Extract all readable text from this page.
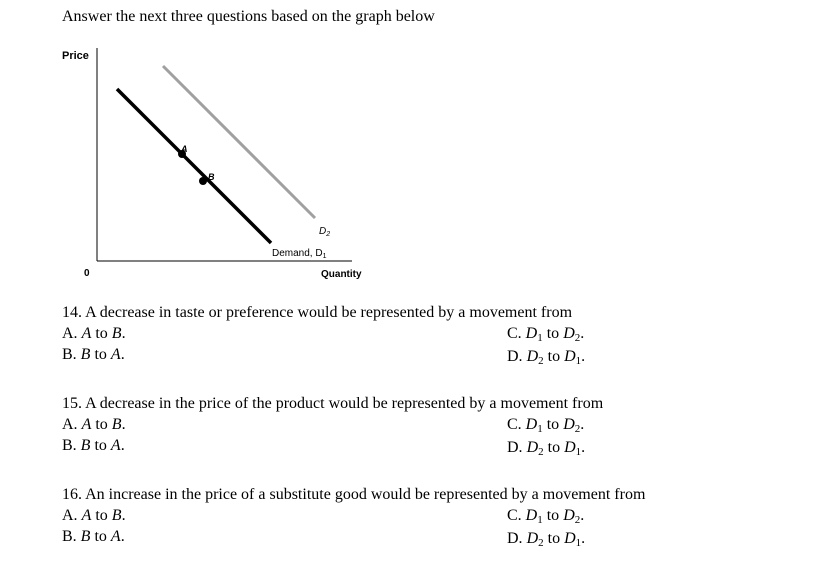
Answer the next three questions based on the graph below
Price
0	Quantity
A
B
$D_2$
Demand, $D_1$
14. A decrease in taste or preference would be represented by a movement from
A. A to B.
B. B to A.
C. $D_1$ to $D_2$.
D. $D_2$ to $D_1$.
15. A decrease in the price of the product would be represented by a movement from
A. A to B.
B. B to A.
C. $D_1$ to $D_2$.
D. $D_2$ to $D_1$.
16. An increase in the price of a substitute good would be represented by a movement from
A. A to B.
B. B to A.
C. $D_1$ to $D_2$.
D. $D_2$ to $D_1$.
